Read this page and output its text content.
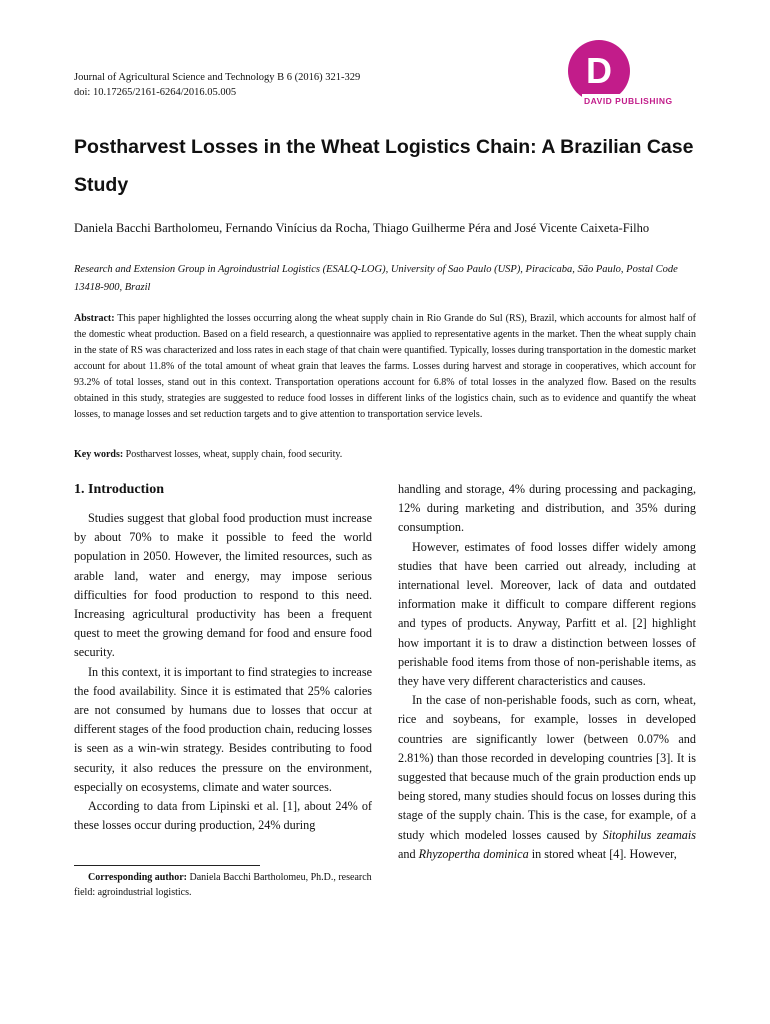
Journal of Agricultural Science and Technology B 6 (2016) 321-329
doi: 10.17265/2161-6264/2016.05.005
D
DAVID PUBLISHING
Postharvest Losses in the Wheat Logistics Chain: A Brazilian Case Study
Daniela Bacchi Bartholomeu, Fernando Vinícius da Rocha, Thiago Guilherme Péra and José Vicente Caixeta-Filho
Research and Extension Group in Agroindustrial Logistics (ESALQ-LOG), University of Sao Paulo (USP), Piracicaba, São Paulo, Postal Code 13418-900, Brazil
Abstract: This paper highlighted the losses occurring along the wheat supply chain in Rio Grande do Sul (RS), Brazil, which accounts for almost half of the domestic wheat production. Based on a field research, a questionnaire was applied to representative agents in the market. Then the wheat supply chain in the state of RS was characterized and loss rates in each stage of that chain were quantified. Typically, losses during transportation in the domestic market account for about 11.8% of the total amount of wheat grain that leaves the farms. Losses during harvest and storage in cooperatives, which account for 93.2% of total losses, stand out in this context. Transportation operations account for 6.8% of total losses in the analyzed flow. Based on the results obtained in this study, strategies are suggested to reduce food losses in different links of the logistics chain, such as to evidence and quantify the wheat losses, to manage losses and set reduction targets and to give attention to transportation service levels.
Key words: Postharvest losses, wheat, supply chain, food security.
1. Introduction

Studies suggest that global food production must increase by about 70% to make it possible to feed the world population in 2050. However, the limited resources, such as arable land, water and energy, may impose serious difficulties for food production to respond to this need. Increasing agricultural productivity has been a frequent quest to meet the growing demand for food and ensure food security.

In this context, it is important to find strategies to increase the food availability. Since it is estimated that 25% calories are not consumed by humans due to losses that occur at different stages of the food production chain, reducing losses is seen as a win-win strategy. Besides contributing to food security, it also reduces the pressure on the environment, especially on ecosystems, climate and water sources.

According to data from Lipinski et al. [1], about 24% of these losses occur during production, 24% during

Corresponding author: Daniela Bacchi Bartholomeu, Ph.D., research field: agroindustrial logistics.

handling and storage, 4% during processing and packaging, 12% during marketing and distribution, and 35% during consumption.

However, estimates of food losses differ widely among studies that have been carried out already, including at international level. Moreover, lack of data and outdated information make it difficult to compare different regions and types of products. Anyway, Parfitt et al. [2] highlight how important it is to draw a distinction between losses of perishable food items from those of non-perishable items, as they have very different characteristics and causes.

In the case of non-perishable foods, such as corn, wheat, rice and soybeans, for example, losses in developed countries are significantly lower (between 0.07% and 2.81%) than those recorded in developing countries [3]. It is suggested that because much of the grain production ends up being stored, many studies should focus on losses during this stage of the supply chain. This is the case, for example, of a study which modeled losses caused by Sitophilus zeamais and Rhyzopertha dominica in stored wheat [4]. However,
